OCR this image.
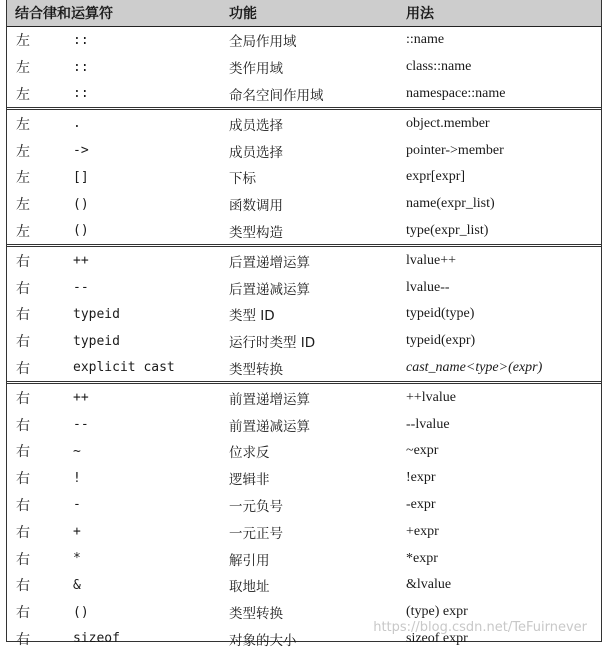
结合律和运算符	功能	用法
左	::	全局作用域	::name
左	::	类作用域	class::name
左	::	命名空间作用域	namespace::name
左	.	成员选择	object.member
左	->	成员选择	pointer->member
左	[]	下标	expr[expr]
左	()	函数调用	name(expr_list)
左	()	类型构造	type(expr_list)
右	++	后置递增运算	lvalue++
右	--	后置递减运算	lvalue--
右	typeid	类型 ID	typeid(type)
右	typeid	运行时类型 ID	typeid(expr)
右	explicit cast	类型转换	cast_name<type>(expr)
右	++	前置递增运算	++lvalue
右	--	前置递减运算	--lvalue
右	~	位求反	~expr
右	!	逻辑非	!expr
右	-	一元负号	-expr
右	+	一元正号	+expr
右	*	解引用	*expr
右	&	取地址	&lvalue
右	()	类型转换	(type) expr
右	sizeof	对象的大小	sizeof expr
https://blog.csdn.net/TeFuirnever
